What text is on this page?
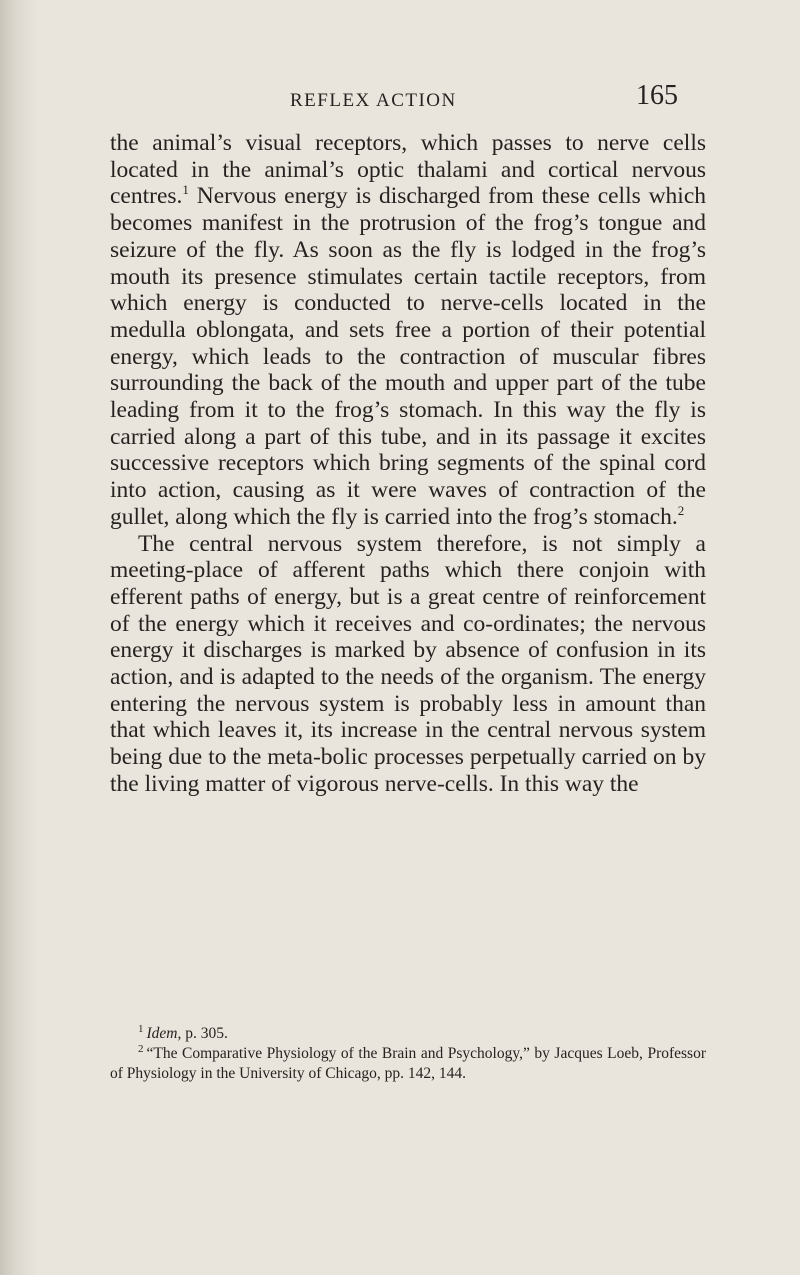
REFLEX ACTION	165

the animal’s visual receptors, which passes to nerve cells located in the animal’s optic thalami and cortical nervous centres.$^1$ Nervous energy is discharged from these cells which becomes manifest in the protrusion of the frog’s tongue and seizure of the fly. As soon as the fly is lodged in the frog’s mouth its presence stimulates certain tactile receptors, from which energy is conducted to nerve-cells located in the medulla oblongata, and sets free a portion of their potential energy, which leads to the contraction of muscular fibres surrounding the back of the mouth and upper part of the tube leading from it to the frog’s stomach. In this way the fly is carried along a part of this tube, and in its passage it excites successive receptors which bring segments of the spinal cord into action, causing as it were waves of contraction of the gullet, along which the fly is carried into the frog’s stomach.$^2$

The central nervous system therefore, is not simply a meeting-place of afferent paths which there conjoin with efferent paths of energy, but is a great centre of reinforcement of the energy which it receives and co-ordinates; the nervous energy it discharges is marked by absence of confusion in its action, and is adapted to the needs of the organism. The energy entering the nervous system is probably less in amount than that which leaves it, its increase in the central nervous system being due to the meta-bolic processes perpetually carried on by the living matter of vigorous nerve-cells. In this way the

$^1$ Idem, p. 305.
$^2$ “The Comparative Physiology of the Brain and Psychology,” by Jacques Loeb, Professor of Physiology in the University of Chicago, pp. 142, 144.
